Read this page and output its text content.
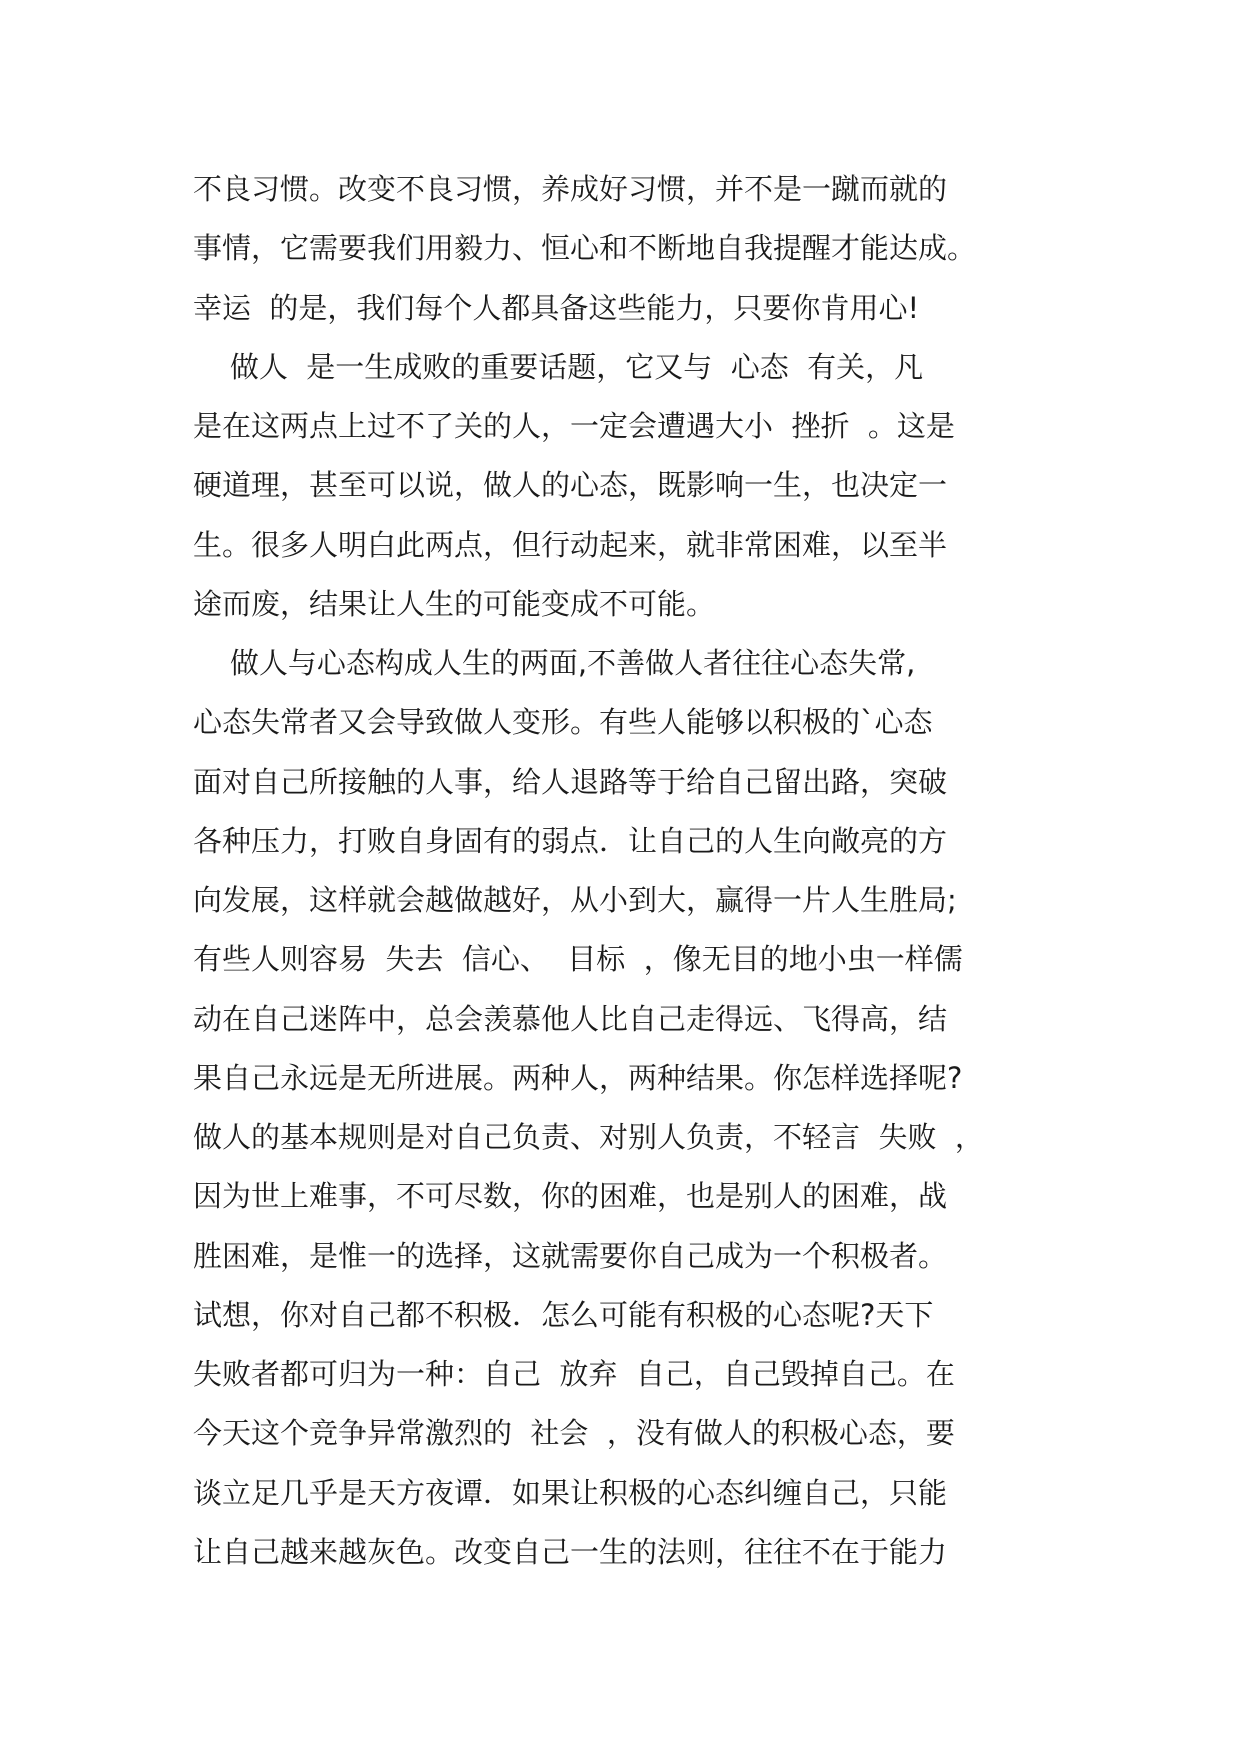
不良习惯。改变不良习惯，养成好习惯，并不是一蹴而就的
事情，它需要我们用毅力、恒心和不断地自我提醒才能达成。
幸运  的是，我们每个人都具备这些能力，只要你肯用心!
做人  是一生成败的重要话题，它又与  心态  有关，凡
是在这两点上过不了关的人，一定会遭遇大小  挫折  。这是
硬道理，甚至可以说，做人的心态，既影响一生，也决定一
生。很多人明白此两点，但行动起来，就非常困难，以至半
途而废，结果让人生的可能变成不可能。
做人与心态构成人生的两面,不善做人者往往心态失常,
心态失常者又会导致做人变形。有些人能够以积极的`心态
面对自己所接触的人事，给人退路等于给自己留出路，突破
各种压力，打败自身固有的弱点．让自己的人生向敞亮的方
向发展，这样就会越做越好，从小到大，赢得一片人生胜局;
有些人则容易  失去  信心、  目标  ，像无目的地小虫一样儒
动在自己迷阵中，总会羡慕他人比自己走得远、飞得高，结
果自己永远是无所进展。两种人，两种结果。你怎样选择呢?
做人的基本规则是对自己负责、对别人负责，不轻言  失败  ，
因为世上难事，不可尽数，你的困难，也是别人的困难，战
胜困难，是惟一的选择，这就需要你自己成为一个积极者。
试想，你对自己都不积极．怎么可能有积极的心态呢?天下
失败者都可归为一种：自己  放弃  自己，自己毁掉自己。在
今天这个竞争异常激烈的  社会  ，没有做人的积极心态，要
谈立足几乎是天方夜谭．如果让积极的心态纠缠自己，只能
让自己越来越灰色。改变自己一生的法则，往往不在于能力
